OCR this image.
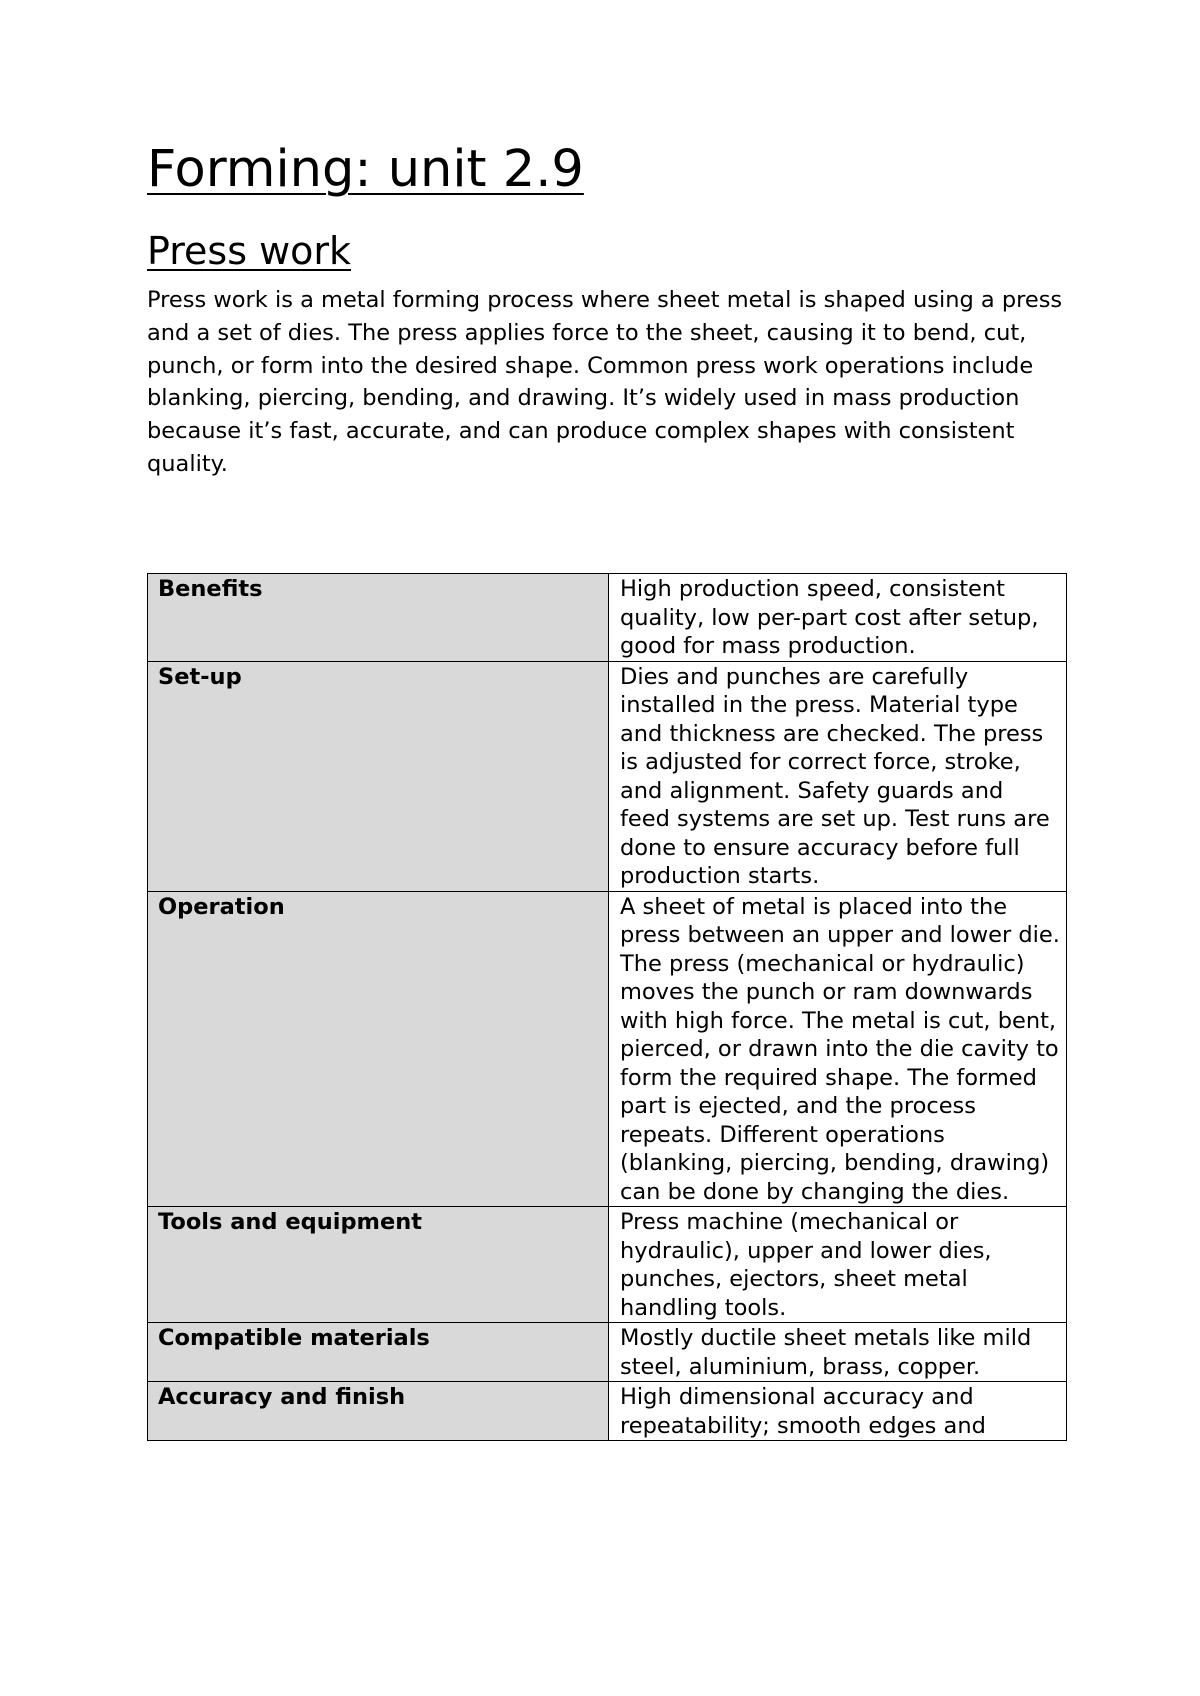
Forming: unit 2.9
Press work

Press work is a metal forming process where sheet metal is shaped using a press and a set of dies. The press applies force to the sheet, causing it to bend, cut, punch, or form into the desired shape. Common press work operations include blanking, piercing, bending, and drawing. It’s widely used in mass production because it’s fast, accurate, and can produce complex shapes with consistent quality.

Benefits	High production speed, consistent quality, low per-part cost after setup, good for mass production.
Set-up	Dies and punches are carefully installed in the press. Material type and thickness are checked. The press is adjusted for correct force, stroke, and alignment. Safety guards and feed systems are set up. Test runs are done to ensure accuracy before full production starts.
Operation	A sheet of metal is placed into the press between an upper and lower die. The press (mechanical or hydraulic) moves the punch or ram downwards with high force. The metal is cut, bent, pierced, or drawn into the die cavity to form the required shape. The formed part is ejected, and the process repeats. Different operations (blanking, piercing, bending, drawing) can be done by changing the dies.
Tools and equipment	Press machine (mechanical or hydraulic), upper and lower dies, punches, ejectors, sheet metal handling tools.
Compatible materials	Mostly ductile sheet metals like mild steel, aluminium, brass, copper.
Accuracy and finish	High dimensional accuracy and repeatability; smooth edges and
